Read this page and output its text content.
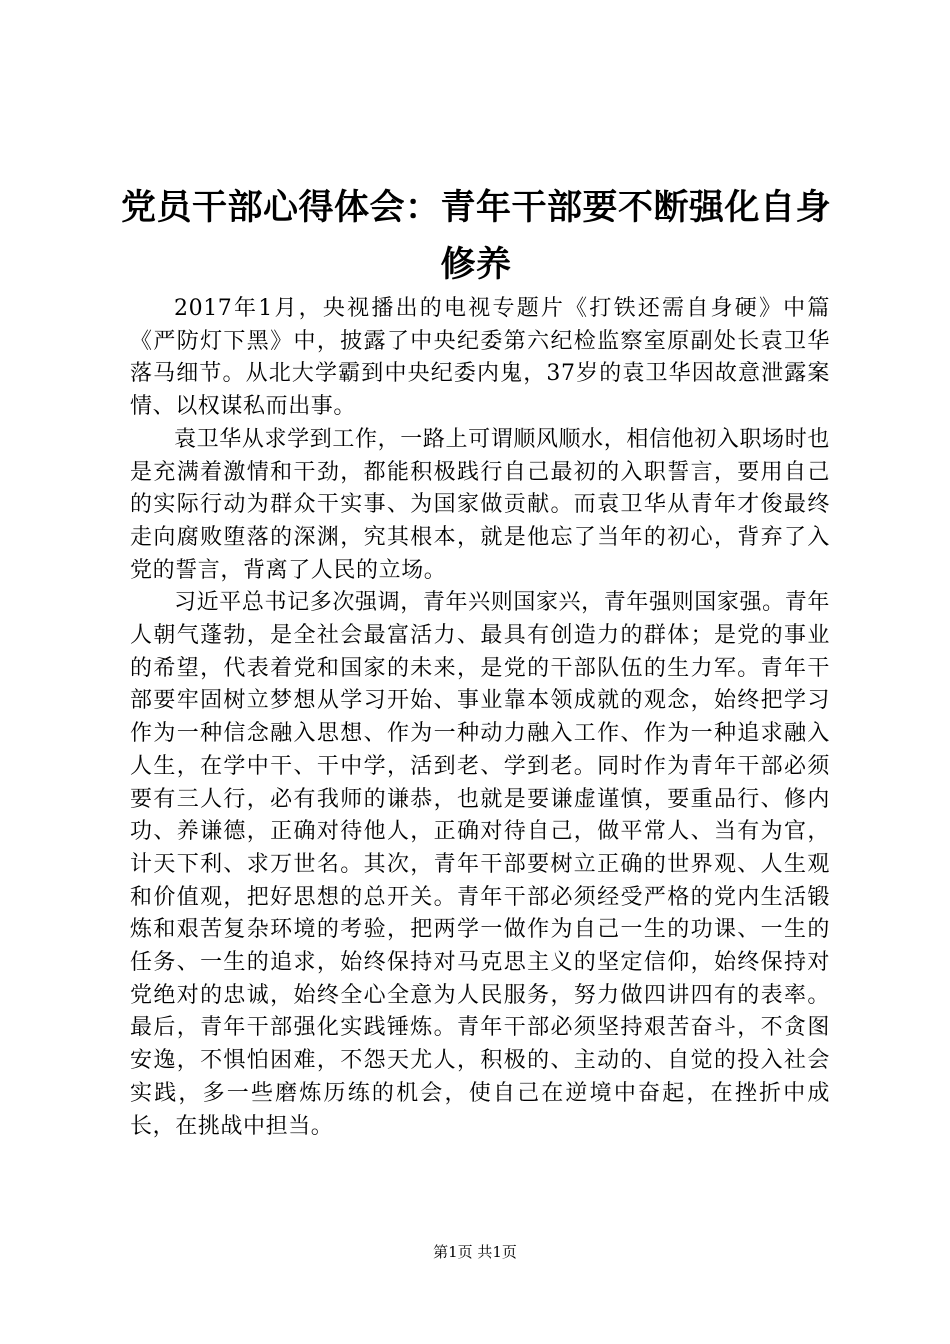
党员干部心得体会：青年干部要不断强化自身修养

2017年1月，央视播出的电视专题片《打铁还需自身硬》中篇《严防灯下黑》中，披露了中央纪委第六纪检监察室原副处长袁卫华落马细节。从北大学霸到中央纪委内鬼，37岁的袁卫华因故意泄露案情、以权谋私而出事。

袁卫华从求学到工作，一路上可谓顺风顺水，相信他初入职场时也是充满着激情和干劲，都能积极践行自己最初的入职誓言，要用自己的实际行动为群众干实事、为国家做贡献。而袁卫华从青年才俊最终走向腐败堕落的深渊，究其根本，就是他忘了当年的初心，背弃了入党的誓言，背离了人民的立场。

习近平总书记多次强调，青年兴则国家兴，青年强则国家强。青年人朝气蓬勃，是全社会最富活力、最具有创造力的群体；是党的事业的希望，代表着党和国家的未来，是党的干部队伍的生力军。青年干部要牢固树立梦想从学习开始、事业靠本领成就的观念，始终把学习作为一种信念融入思想、作为一种动力融入工作、作为一种追求融入人生，在学中干、干中学，活到老、学到老。同时作为青年干部必须要有三人行，必有我师的谦恭，也就是要谦虚谨慎，要重品行、修内功、养谦德，正确对待他人，正确对待自己，做平常人、当有为官，计天下利、求万世名。其次，青年干部要树立正确的世界观、人生观和价值观，把好思想的总开关。青年干部必须经受严格的党内生活锻炼和艰苦复杂环境的考验，把两学一做作为自己一生的功课、一生的任务、一生的追求，始终保持对马克思主义的坚定信仰，始终保持对党绝对的忠诚，始终全心全意为人民服务，努力做四讲四有的表率。最后，青年干部强化实践锤炼。青年干部必须坚持艰苦奋斗，不贪图安逸，不惧怕困难，不怨天尤人，积极的、主动的、自觉的投入社会实践，多一些磨炼历练的机会，使自己在逆境中奋起，在挫折中成长，在挑战中担当。

第1页 共1页
